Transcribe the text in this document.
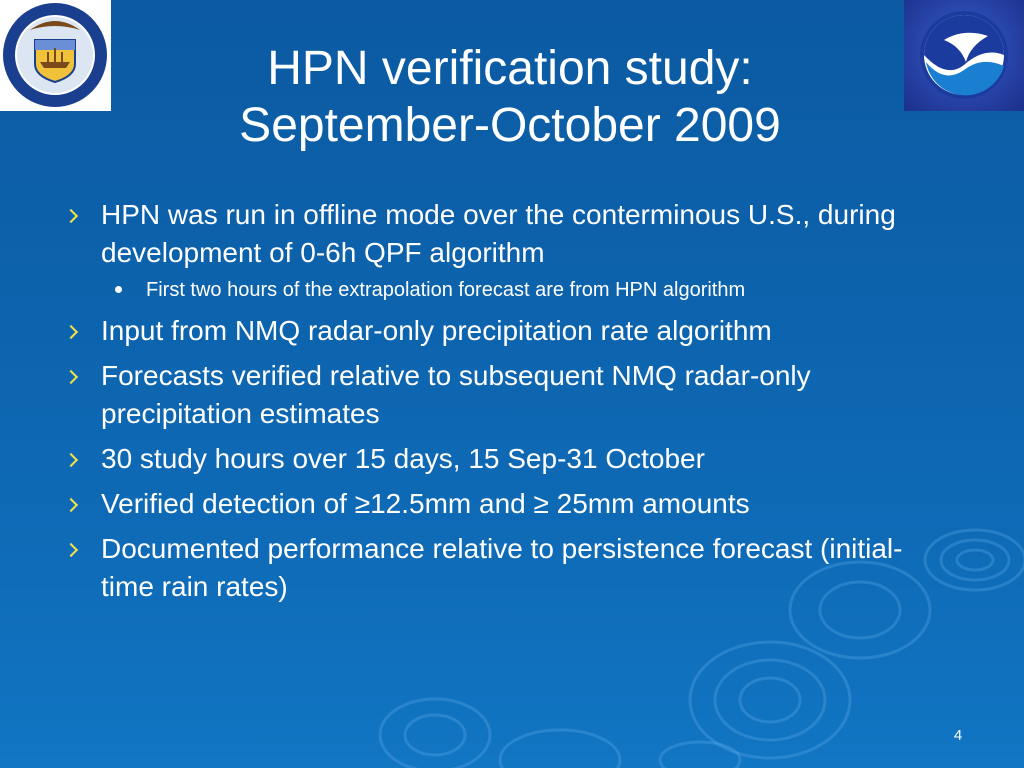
HPN verification study:
September-October 2009
HPN was run in offline mode over the conterminous U.S., during development of 0-6h QPF algorithm
First two hours of the extrapolation forecast are from HPN algorithm
Input from NMQ radar-only precipitation rate algorithm
Forecasts verified relative to subsequent NMQ radar-only precipitation estimates
30 study hours over 15 days, 15 Sep-31 October
Verified detection of ≥12.5mm and ≥ 25mm amounts
Documented performance relative to persistence forecast (initial-time rain rates)
4
